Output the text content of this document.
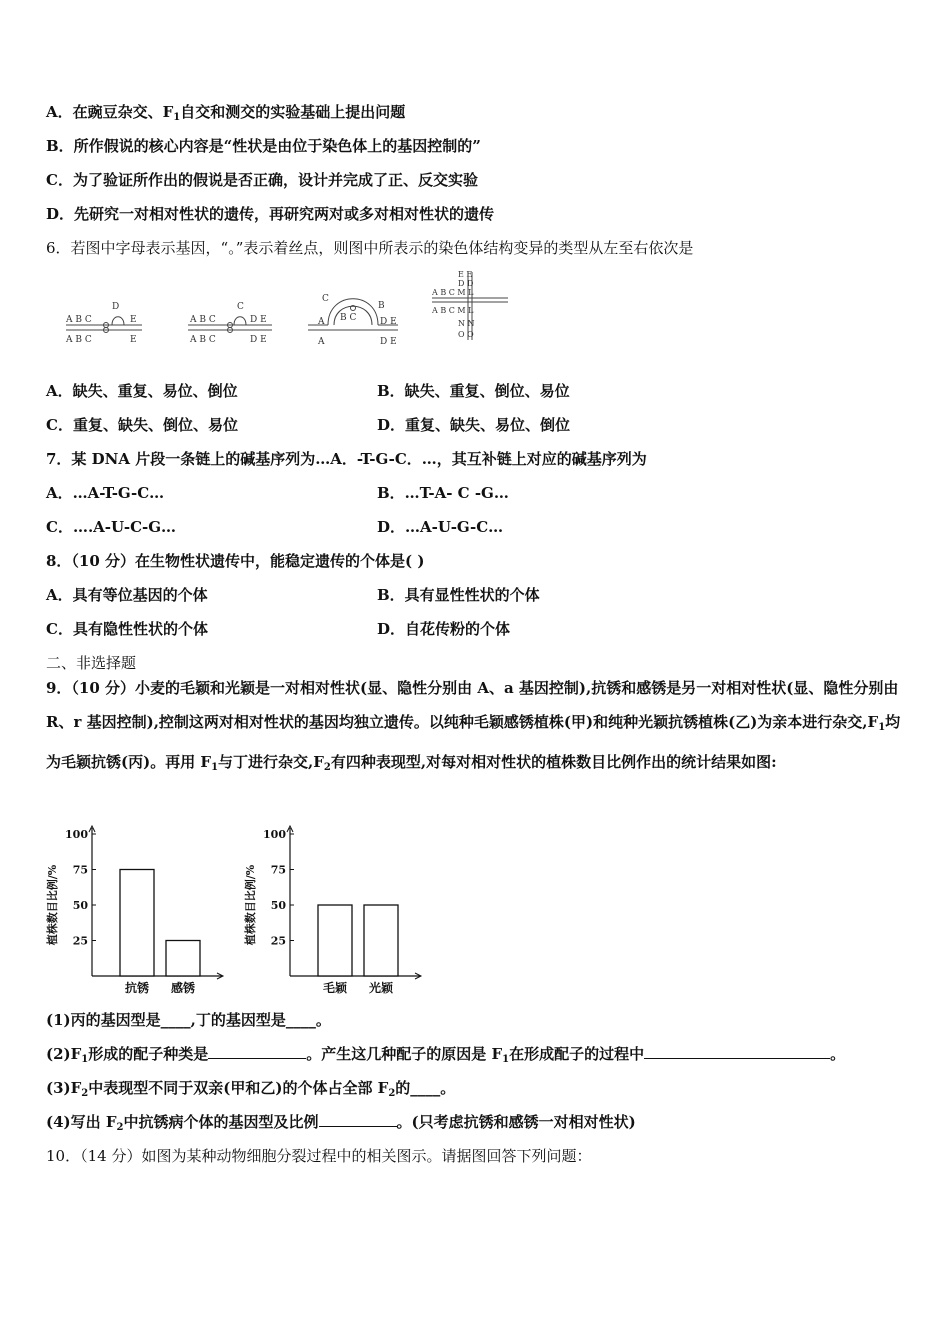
A．在豌豆杂交、$F_1$自交和测交的实验基础上提出问题
B．所作假说的核心内容是“性状是由位于染色体上的基因控制的”
C．为了验证所作出的假说是否正确，设计并完成了正、反交实验
D．先研究一对相对性状的遗传，再研究两对或多对相对性状的遗传
6．若图中字母表示基因，“。”表示着丝点，则图中所表示的染色体结构变异的类型从左至右依次是
A B C
D
E
A B C	E
A B C
C
D E
A B C	D E
A
B
C
B C	D E
A	D E
E E
D D
A B C M L
A B C M L
N N
O O
A．缺失、重复、易位、倒位	B．缺失、重复、倒位、易位
C．重复、缺失、倒位、易位	D．重复、缺失、易位、倒位
7．某 DNA 片段一条链上的碱基序列为…A．-T-G-C．…，其互补链上对应的碱基序列为
A．…A-T-G-C…	B．…T-A- C -G…
C．….A-U-C-G…	D．…A-U-G-C…
8．（10 分）在生物性状遗传中，能稳定遗传的个体是( )
A．具有等位基因的个体	B．具有显性性状的个体
C．具有隐性性状的个体	D．自花传粉的个体
二、非选择题
9．（10 分）小麦的毛颖和光颖是一对相对性状(显、隐性分别由 A、a 基因控制),抗锈和感锈是另一对相对性状(显、隐性分别由 R、r 基因控制),控制这两对相对性状的基因均独立遗传。以纯种毛颖感锈植株(甲)和纯种光颖抗锈植株(乙)为亲本进行杂交$,F_1$均为毛颖抗锈(丙)。再用 $F_1$与丁进行杂交$,F_2$有四种表现型,对每对相对性状的植株数目比例作出的统计结果如图:
25
50
75
100
植株数目比例/%
抗锈 感锈
25
50
75
100
植株数目比例/%
毛颖 光颖
(1)丙的基因型是____,丁的基因型是____。
$(2)F_1$形成的配子种类是	。产生这几种配子的原因是 $F_1$在形成配子的过程中	。
$(3)F_2$中表现型不同于双亲(甲和乙)的个体占全部 $F_2$的____。
(4)写出 $F_2$中抗锈病个体的基因型及比例	。(只考虑抗锈和感锈一对相对性状)
10．（14 分）如图为某种动物细胞分裂过程中的相关图示。请据图回答下列问题：
